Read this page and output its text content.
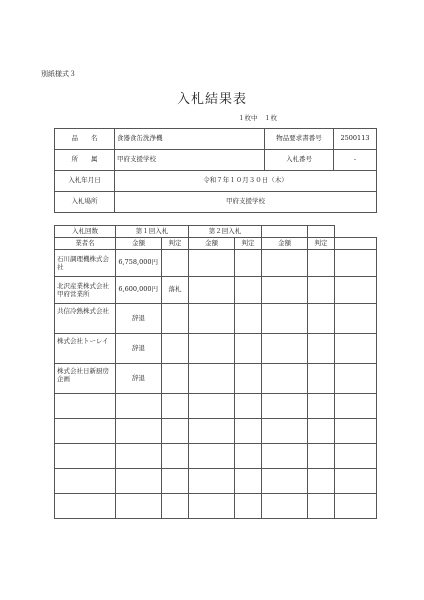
別紙様式３
入札結果表
１枚中　１枚
品　　名	食器食缶洗浄機	物品要求書番号	2500113
所　　属	甲府支援学校	入札番号	-
入札年月日	令和７年１０月３０日（木）		
入札場所	甲府支援学校		
入札回数	第１回入札		第２回入札				
業者名	金額	判定	金額	判定	金額	判定	
石川調理機株式会社	6,758,000円						
北沢産業株式会社甲府営業所	6,600,000円	落札					
共信冷熱株式会社	辞退						
株式会社トーレイ	辞退						
株式会社日新厨房企画	辞退						
